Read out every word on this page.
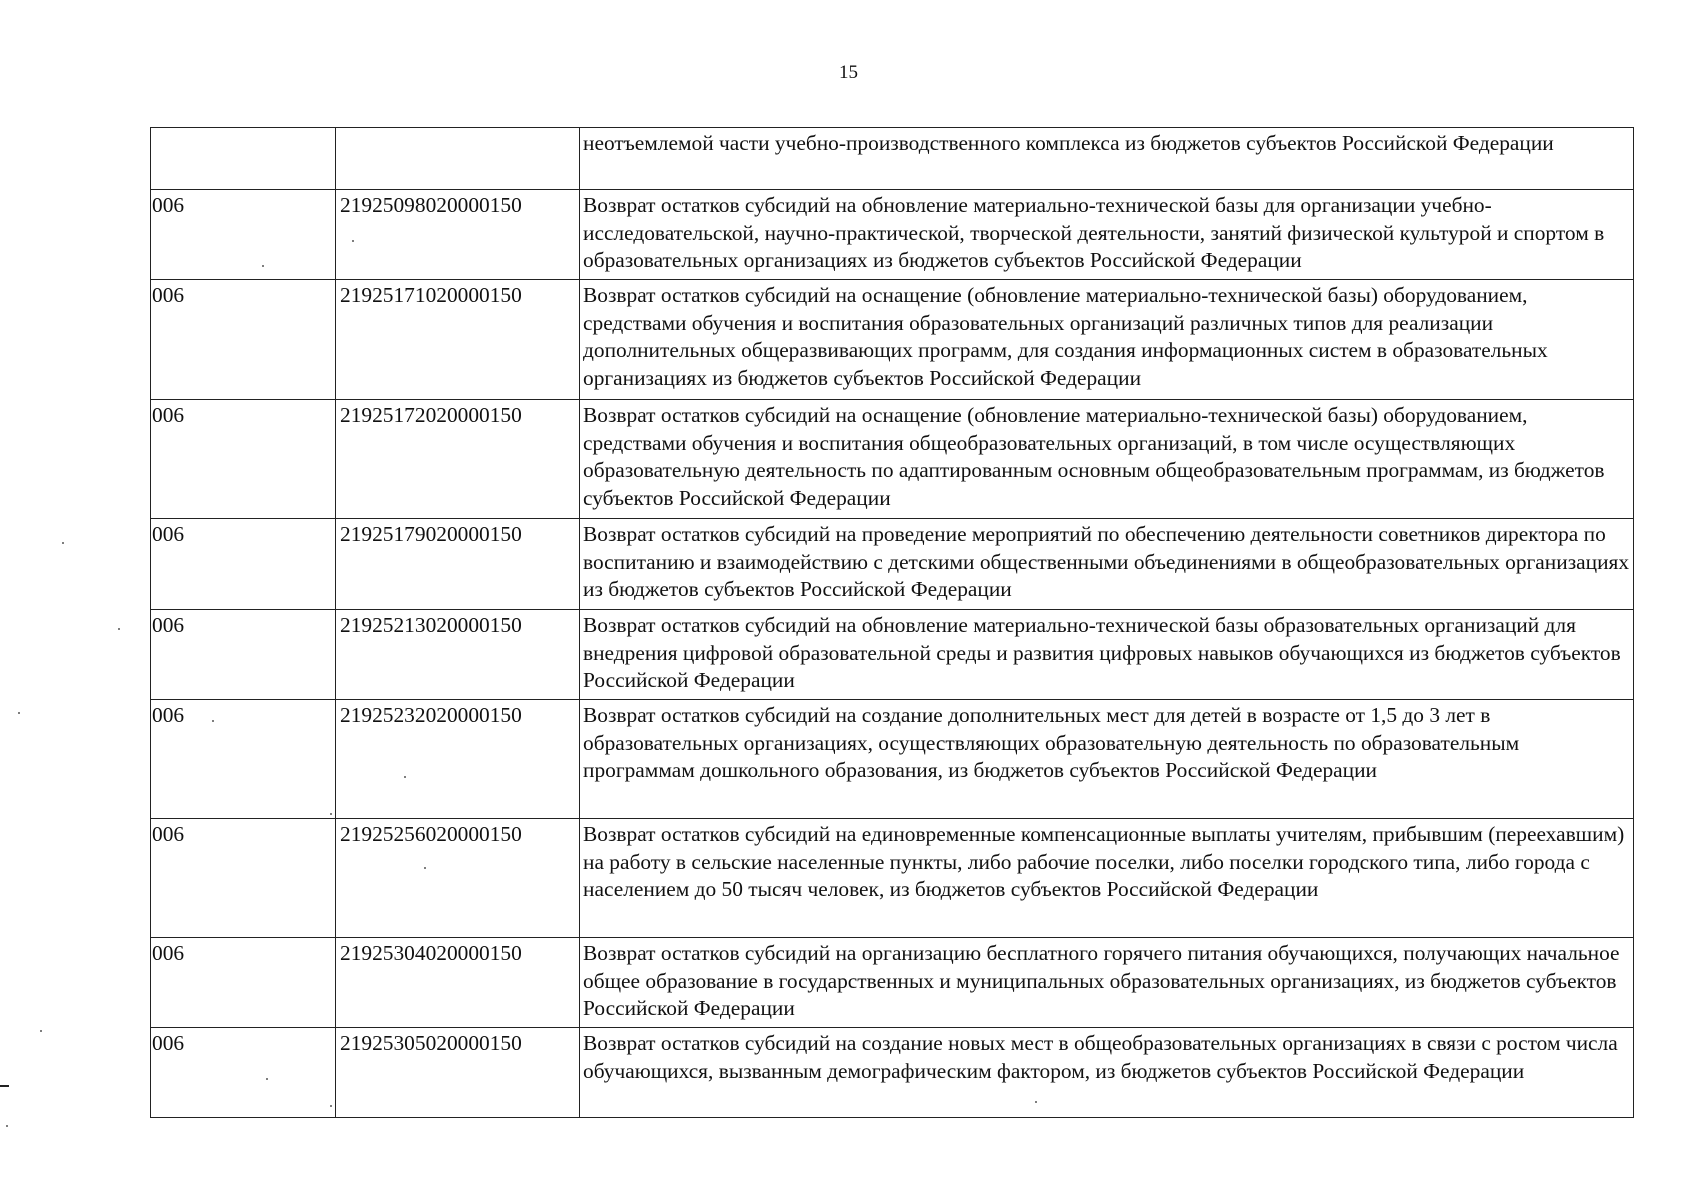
15
		неотъемлемой части учебно-производственного комплекса из бюджетов субъектов Российской Федерации
006	21925098020000150	Возврат остатков субсидий на обновление материально-технической базы для организации учебно-исследовательской, научно-практической, творческой деятельности, занятий физической культурой и спортом в образовательных организациях из бюджетов субъектов Российской Федерации
006	21925171020000150	Возврат остатков субсидий на оснащение (обновление материально-технической базы) оборудованием, средствами обучения и воспитания образовательных организаций различных типов для реализации дополнительных общеразвивающих программ, для создания информационных систем в образовательных организациях из бюджетов субъектов Российской Федерации
006	21925172020000150	Возврат остатков субсидий на оснащение (обновление материально-технической базы) оборудованием, средствами обучения и воспитания общеобразовательных организаций, в том числе осуществляющих образовательную деятельность по адаптированным основным общеобразовательным программам, из бюджетов субъектов Российской Федерации
006	21925179020000150	Возврат остатков субсидий на проведение мероприятий по обеспечению деятельности советников директора по воспитанию и взаимодействию с детскими общественными объединениями в общеобразовательных организациях из бюджетов субъектов Российской Федерации
006	21925213020000150	Возврат остатков субсидий на обновление материально-технической базы образовательных организаций для внедрения цифровой образовательной среды и развития цифровых навыков обучающихся из бюджетов субъектов Российской Федерации
006	21925232020000150	Возврат остатков субсидий на создание дополнительных мест для детей в возрасте от 1,5 до 3 лет в образовательных организациях, осуществляющих образовательную деятельность по образовательным программам дошкольного образования, из бюджетов субъектов Российской Федерации
006	21925256020000150	Возврат остатков субсидий на единовременные компенсационные выплаты учителям, прибывшим (переехавшим) на работу в сельские населенные пункты, либо рабочие поселки, либо поселки городского типа, либо города с населением до 50 тысяч человек, из бюджетов субъектов Российской Федерации
006	21925304020000150	Возврат остатков субсидий на организацию бесплатного горячего питания обучающихся, получающих начальное общее образование в государственных и муниципальных образовательных организациях, из бюджетов субъектов Российской Федерации
006	21925305020000150	Возврат остатков субсидий на создание новых мест в общеобразовательных организациях в связи с ростом числа обучающихся, вызванным демографическим фактором, из бюджетов субъектов Российской Федерации
